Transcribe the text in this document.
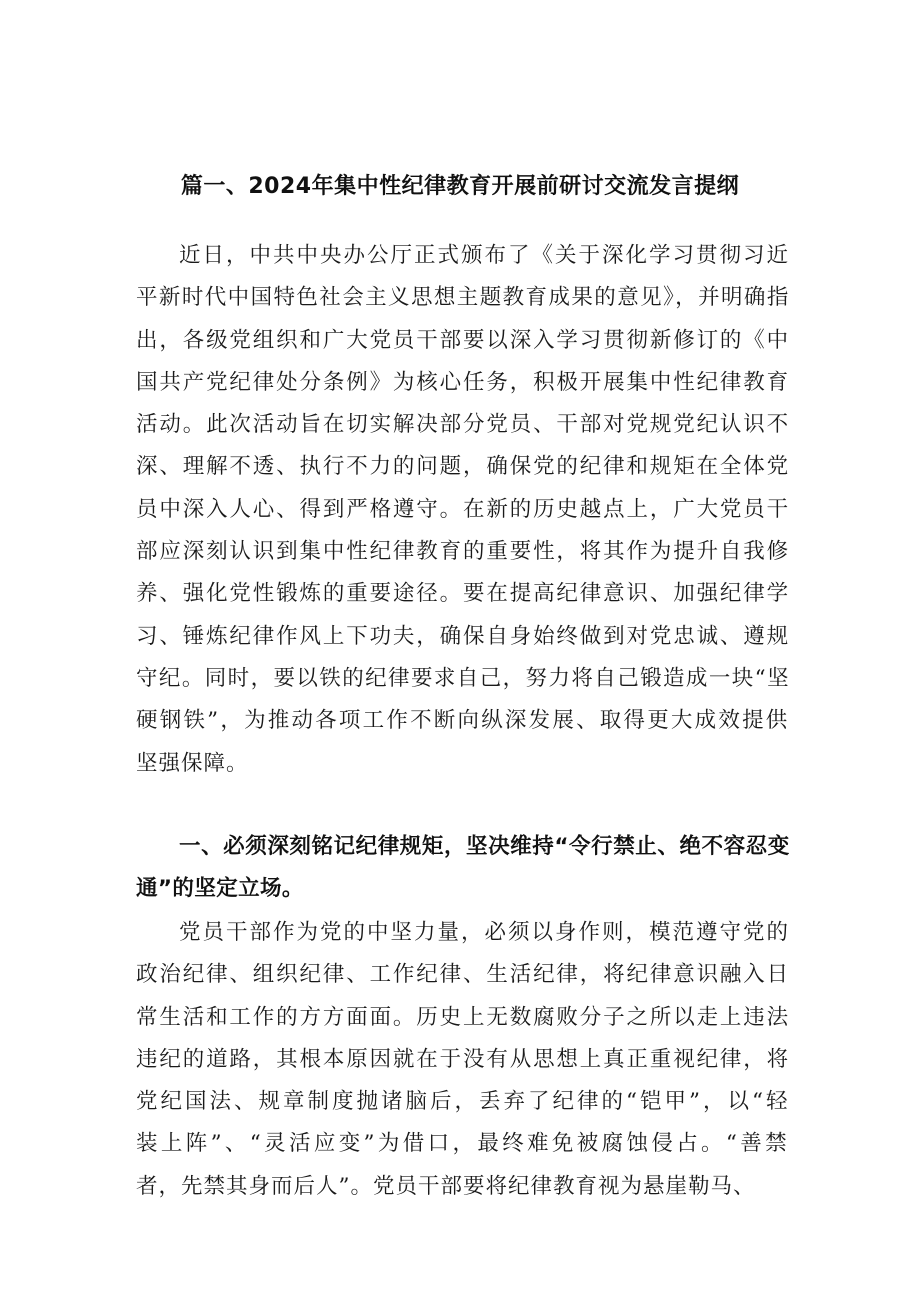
篇一、2024年集中性纪律教育开展前研讨交流发言提纲
近日，中共中央办公厅正式颁布了《关于深化学习贯彻习近
平新时代中国特色社会主义思想主题教育成果的意见》，并明确指
出，各级党组织和广大党员干部要以深入学习贯彻新修订的《中
国共产党纪律处分条例》为核心任务，积极开展集中性纪律教育
活动。此次活动旨在切实解决部分党员、干部对党规党纪认识不
深、理解不透、执行不力的问题，确保党的纪律和规矩在全体党
员中深入人心、得到严格遵守。在新的历史越点上，广大党员干
部应深刻认识到集中性纪律教育的重要性，将其作为提升自我修
养、强化党性锻炼的重要途径。要在提高纪律意识、加强纪律学
习、锤炼纪律作风上下功夫，确保自身始终做到对党忠诚、遵规
守纪。同时，要以铁的纪律要求自己，努力将自己锻造成一块“坚
硬钢铁”，为推动各项工作不断向纵深发展、取得更大成效提供
坚强保障。
一、必须深刻铭记纪律规矩，坚决维持“令行禁止、绝不容忍变
通”的坚定立场。
党员干部作为党的中坚力量，必须以身作则，模范遵守党的
政治纪律、组织纪律、工作纪律、生活纪律，将纪律意识融入日
常生活和工作的方方面面。历史上无数腐败分子之所以走上违法
违纪的道路，其根本原因就在于没有从思想上真正重视纪律，将
党纪国法、规章制度抛诸脑后，丢弃了纪律的“铠甲”，以“轻
装上阵”、“灵活应变”为借口，最终难免被腐蚀侵占。“善禁
者，先禁其身而后人”。党员干部要将纪律教育视为悬崖勒马、
